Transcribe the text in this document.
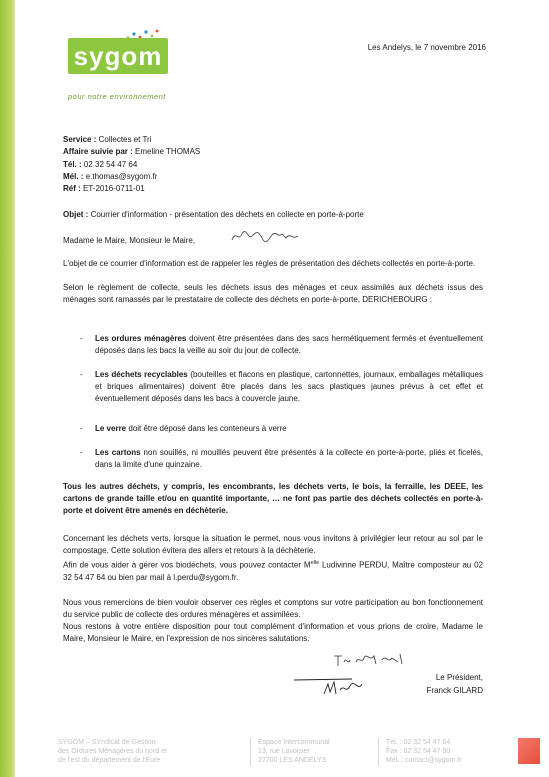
sygom
pour notre environnement
Les Andelys, le 7 novembre 2016
Service : Collectes et Tri
Affaire suivie par : Emeline THOMAS
Tél. : 02 32 54 47 64
Mél. : e.thomas@sygom.fr
Réf : ET-2016-0711-01
Objet : Courrier d'information - présentation des déchets en collecte en porte-à-porte
Madame le Maire, Monsieur le Maire,
L'objet de ce courrier d'information est de rappeler les règles de présentation des déchets collectés en porte-à-porte.
Selon le règlement de collecte, seuls les déchets issus des ménages et ceux assimilés aux déchets issus des ménages sont ramassés par le prestataire de collecte des déchets en porte-à-porte, DERICHEBOURG :
- Les ordures ménagères doivent être présentées dans des sacs hermétiquement fermés et éventuellement déposés dans les bacs la veille au soir du jour de collecte.
- Les déchets recyclables (bouteilles et flacons en plastique, cartonnettes, journaux, emballages métalliques et briques alimentaires) doivent être placés dans les sacs plastiques jaunes prévus à cet effet et éventuellement déposés dans les bacs à couvercle jaune.
- Le verre doit être déposé dans les conteneurs à verre
- Les cartons non souillés, ni mouillés peuvent être présentés à la collecte en porte-à-porte, pliés et ficelés, dans la limite d'une quinzaine.
Tous les autres déchets, y compris, les encombrants, les déchets verts, le bois, la ferraille, les DEEE, les cartons de grande taille et/ou en quantité importante, … ne font pas partie des déchets collectés en porte-à-porte et doivent être amenés en déchèterie.
Concernant les déchets verts, lorsque la situation le permet, nous vous invitons à privilégier leur retour au sol par le compostage. Cette solution évitera des allers et retours à la déchèterie.
Afin de vous aider à gérer vos biodéchets, vous pouvez contacter $M^{elle}$ Ludivinne PERDU, Maître composteur au 02 32 54 47 64 ou bien par mail à l.perdu@sygom.fr.
Nous vous remercions de bien vouloir observer ces règles et comptons sur votre participation au bon fonctionnement du service public de collecte des ordures ménagères et assimilées.
Nous restons à votre entière disposition pour tout complément d'information et vous prions de croire, Madame le Maire, Monsieur le Maire, en l'expression de nos sincères salutations.
Le Président,
Franck GILARD
SYGOM – SYndicat de Gestion
des Ordures Ménagères du nord et
de l'est du département de l'Eure
Espace Intercommunal
13, rue Lavoisier
27700 LES ANDELYS
Tél. : 02 32 54 47 64
Fax : 02 32 54 47 90
Mél. : contact@sygom.fr
